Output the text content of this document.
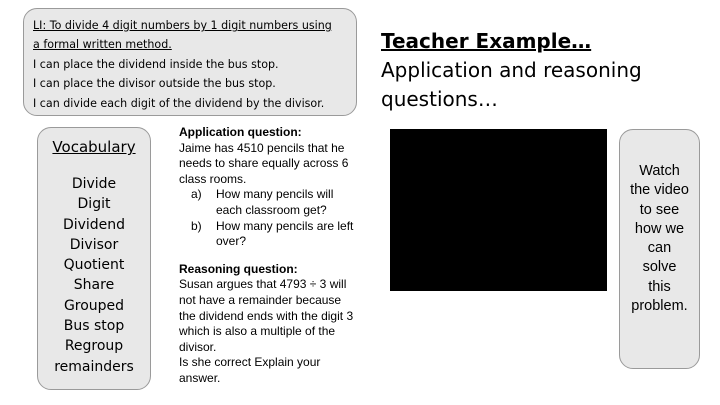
LI: To divide 4 digit numbers by 1 digit numbers using
a formal written method.
I can place the dividend inside the bus stop.
I can place the divisor outside the bus stop.
I can divide each digit of the dividend by the divisor.
Vocabulary
Divide
Digit
Dividend
Divisor
Quotient
Share
Grouped
Bus stop
Regroup
remainders
Application question:
Jaime has 4510 pencils that he
needs to share equally across 6
class rooms.
a) How many pencils will
each classroom get?
b) How many pencils are left
over?
Reasoning question:
Susan argues that 4793 ÷ 3 will
not have a remainder because
the dividend ends with the digit 3
which is also a multiple of the
divisor.
Is she correct Explain your
answer.
Teacher Example…
Application and reasoning
questions…
Watch
the video
to see
how we
can
solve
this
problem.
